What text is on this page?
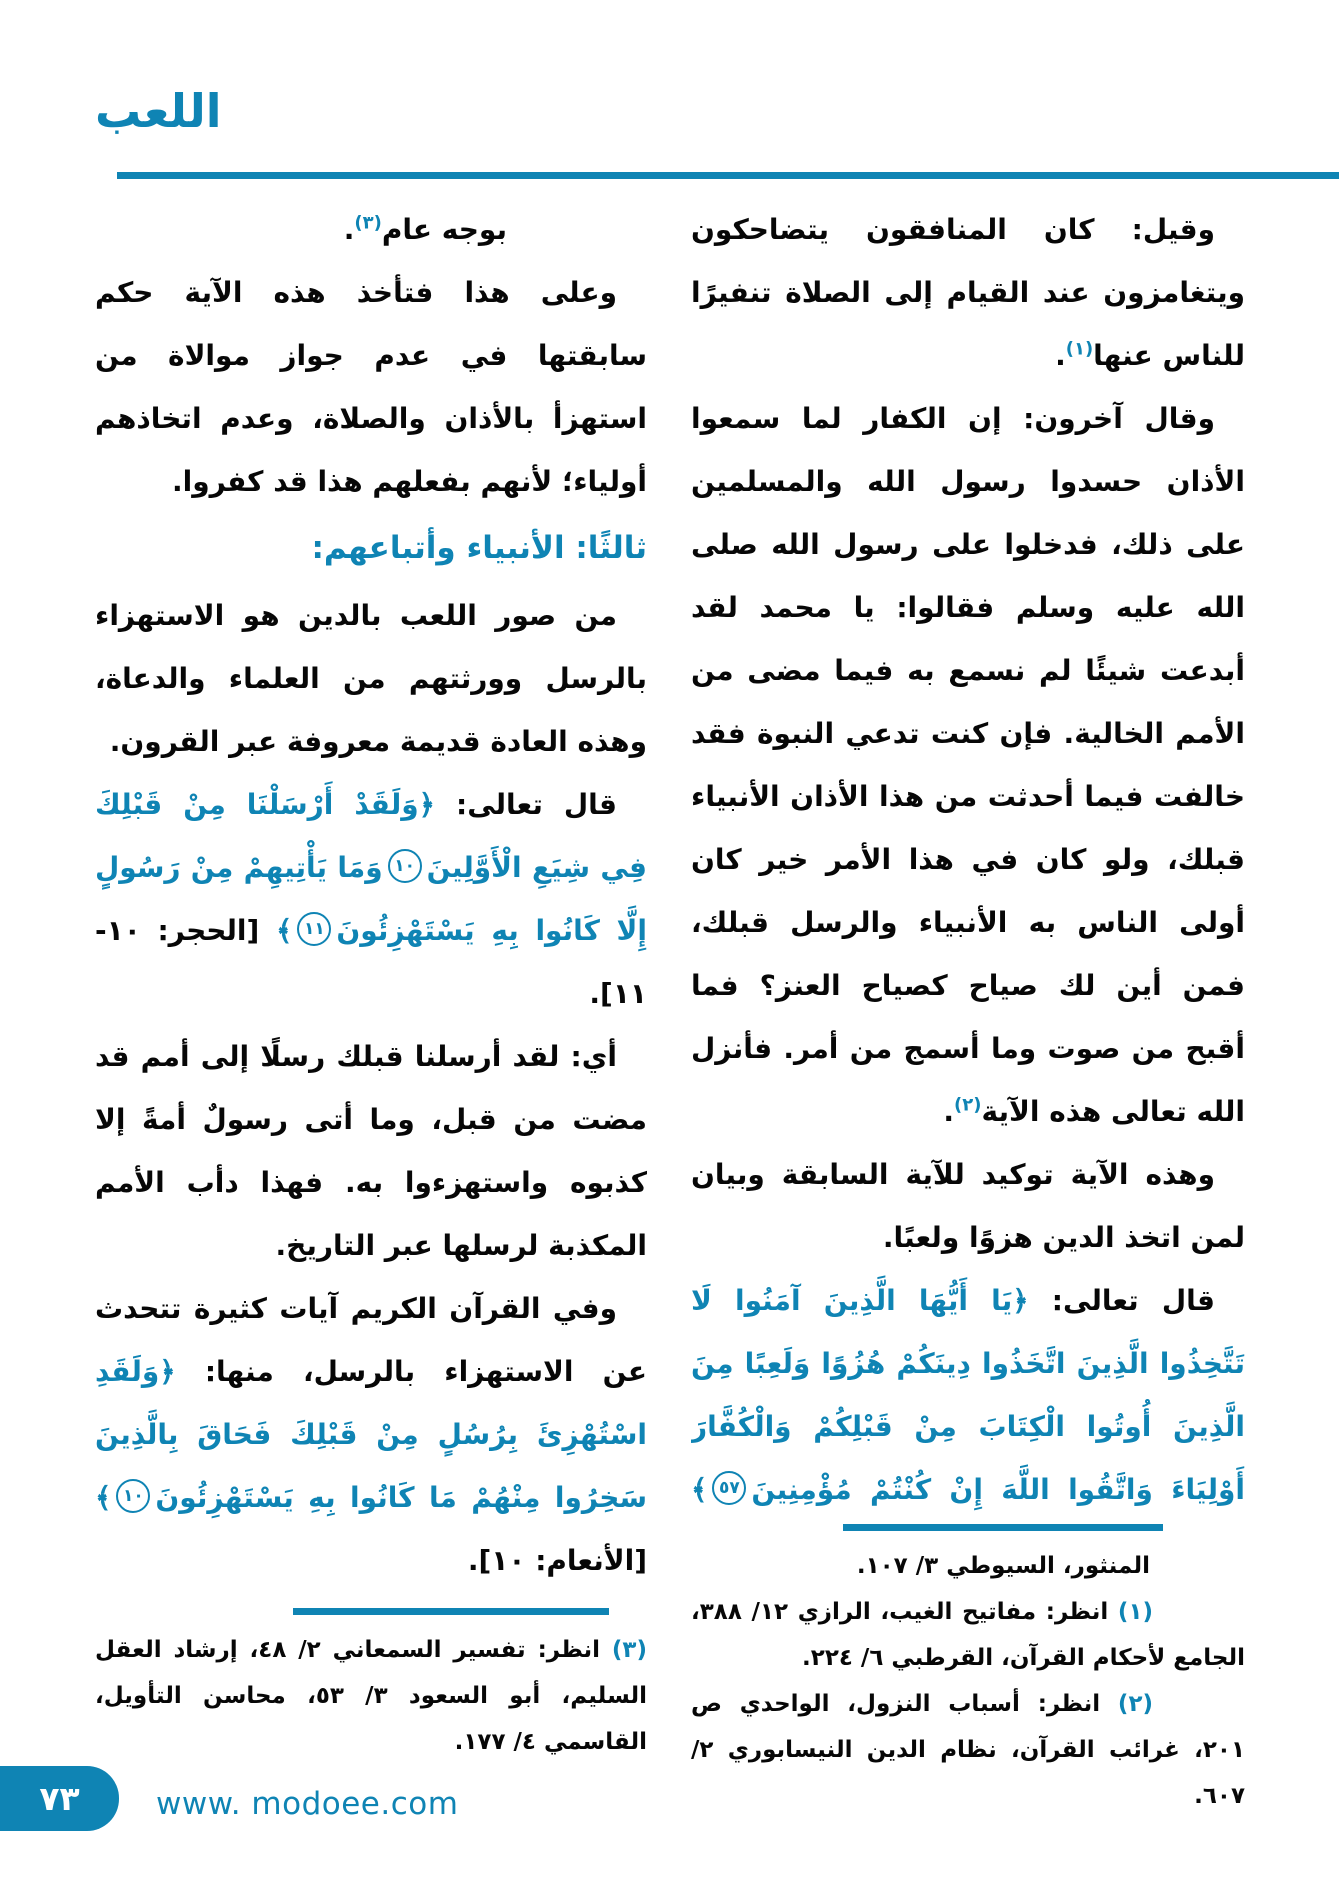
اللعب

وقيل: كان المنافقون يتضاحكون ويتغامزون عند القيام إلى الصلاة تنفيرًا للناس عنها$^{(١)}$.

وقال آخرون: إن الكفار لما سمعوا الأذان حسدوا رسول الله والمسلمين على ذلك، فدخلوا على رسول الله صلى الله عليه وسلم فقالوا: يا محمد لقد أبدعت شيئًا لم نسمع به فيما مضى من الأمم الخالية. فإن كنت تدعي النبوة فقد خالفت فيما أحدثت من هذا الأذان الأنبياء قبلك، ولو كان في هذا الأمر خير كان أولى الناس به الأنبياء والرسل قبلك، فمن أين لك صياح كصياح العنز؟ فما أقبح من صوت وما أسمج من أمر. فأنزل الله تعالى هذه الآية$^{(٢)}$.

وهذه الآية توكيد للآية السابقة وبيان لمن اتخذ الدين هزوًا ولعبًا.

قال تعالى: ﴿يَا أَيُّهَا الَّذِينَ آمَنُوا لَا تَتَّخِذُوا الَّذِينَ اتَّخَذُوا دِينَكُمْ هُزُوًا وَلَعِبًا مِنَ الَّذِينَ أُوتُوا الْكِتَابَ مِنْ قَبْلِكُمْ وَالْكُفَّارَ أَوْلِيَاءَ وَاتَّقُوا اللَّهَ إِنْ كُنْتُمْ مُؤْمِنِينَ٥٧﴾

بوجه عام$^{(٣)}$.

وعلى هذا فتأخذ هذه الآية حكم سابقتها في عدم جواز موالاة من استهزأ بالأذان والصلاة، وعدم اتخاذهم أولياء؛ لأنهم بفعلهم هذا قد كفروا.

ثالثًا: الأنبياء وأتباعهم:

من صور اللعب بالدين هو الاستهزاء بالرسل وورثتهم من العلماء والدعاة، وهذه العادة قديمة معروفة عبر القرون.

قال تعالى: ﴿وَلَقَدْ أَرْسَلْنَا مِنْ قَبْلِكَ فِي شِيَعِ الْأَوَّلِينَ١٠وَمَا يَأْتِيهِمْ مِنْ رَسُولٍ إِلَّا كَانُوا بِهِ يَسْتَهْزِئُونَ١١﴾ [الحجر: ١٠- ١١].

أي: لقد أرسلنا قبلك رسلًا إلى أمم قد مضت من قبل، وما أتى رسولٌ أمةً إلا كذبوه واستهزءوا به. فهذا دأب الأمم المكذبة لرسلها عبر التاريخ.

وفي القرآن الكريم آيات كثيرة تتحدث عن الاستهزاء بالرسل، منها: ﴿وَلَقَدِ اسْتُهْزِئَ بِرُسُلٍ مِنْ قَبْلِكَ فَحَاقَ بِالَّذِينَ سَخِرُوا مِنْهُمْ مَا كَانُوا بِهِ يَسْتَهْزِئُونَ١٠﴾ [الأنعام: ١٠].	المنثور، السيوطي ٣/ ١٠٧.
(١) انظر: مفاتيح الغيب، الرازي ١٢/ ٣٨٨، الجامع لأحكام القرآن، القرطبي ٦/ ٢٢٤.
(٢) انظر: أسباب النزول، الواحدي ص ٢٠١، غرائب القرآن، نظام الدين النيسابوري ٢/ ٦٠٧.
(٣) انظر: تفسير السمعاني ٢/ ٤٨، إرشاد العقل السليم، أبو السعود ٣/ ٥٣، محاسن التأويل، القاسمي ٤/ ١٧٧.
٧٣ www. modoee.com
